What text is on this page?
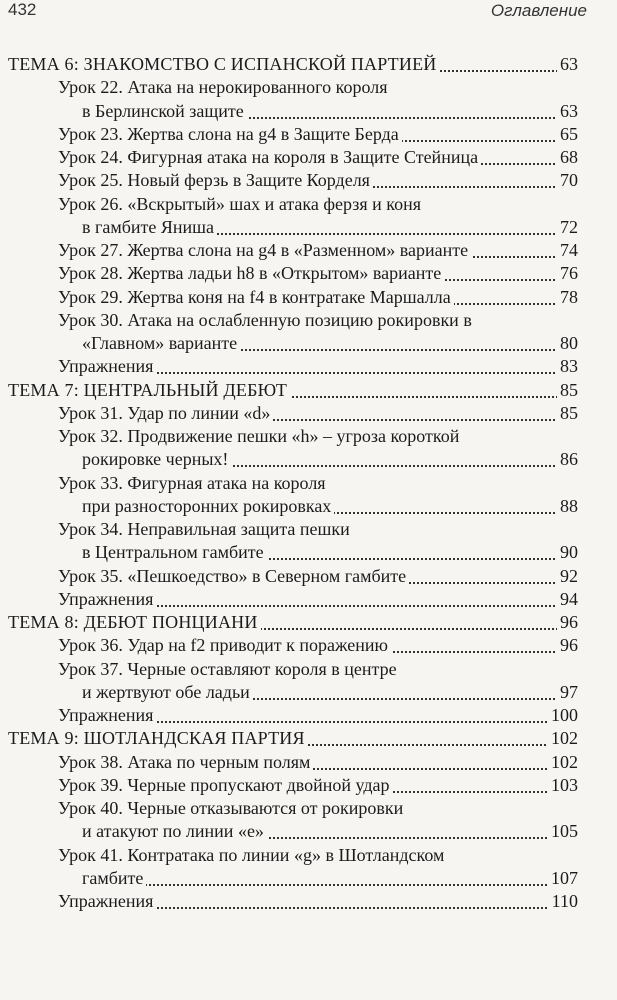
432	Оглавление
ТЕМА 6: ЗНАКОМСТВО С ИСПАНСКОЙ ПАРТИЕЙ	63
Урок 22. Атака на нерокированного короля
в Берлинской защите	63
Урок 23. Жертва слона на g4 в Защите Берда	65
Урок 24. Фигурная атака на короля в Защите Стейница	68
Урок 25. Новый ферзь в Защите Корделя	70
Урок 26. «Вскрытый» шах и атака ферзя и коня
в гамбите Яниша	72
Урок 27. Жертва слона на g4 в «Разменном» варианте	74
Урок 28. Жертва ладьи h8 в «Открытом» варианте	76
Урок 29. Жертва коня на f4 в контратаке Маршалла	78
Урок 30. Атака на ослабленную позицию рокировки в
«Главном» варианте	80
Упражнения	83
ТЕМА 7: ЦЕНТРАЛЬНЫЙ ДЕБЮТ	85
Урок 31. Удар по линии «d»	85
Урок 32. Продвижение пешки «h» – угроза короткой
рокировке черных!	86
Урок 33. Фигурная атака на короля
при разносторонних рокировках	88
Урок 34. Неправильная защита пешки
в Центральном гамбите	90
Урок 35. «Пешкоедство» в Северном гамбите	92
Упражнения	94
ТЕМА 8: ДЕБЮТ ПОНЦИАНИ	96
Урок 36. Удар на f2 приводит к поражению	96
Урок 37. Черные оставляют короля в центре
и жертвуют обе ладьи	97
Упражнения	100
ТЕМА 9: ШОТЛАНДСКАЯ ПАРТИЯ	102
Урок 38. Атака по черным полям	102
Урок 39. Черные пропускают двойной удар	103
Урок 40. Черные отказываются от рокировки
и атакуют по линии «е»	105
Урок 41. Контратака по линии «g» в Шотландском
гамбите	107
Упражнения	110
